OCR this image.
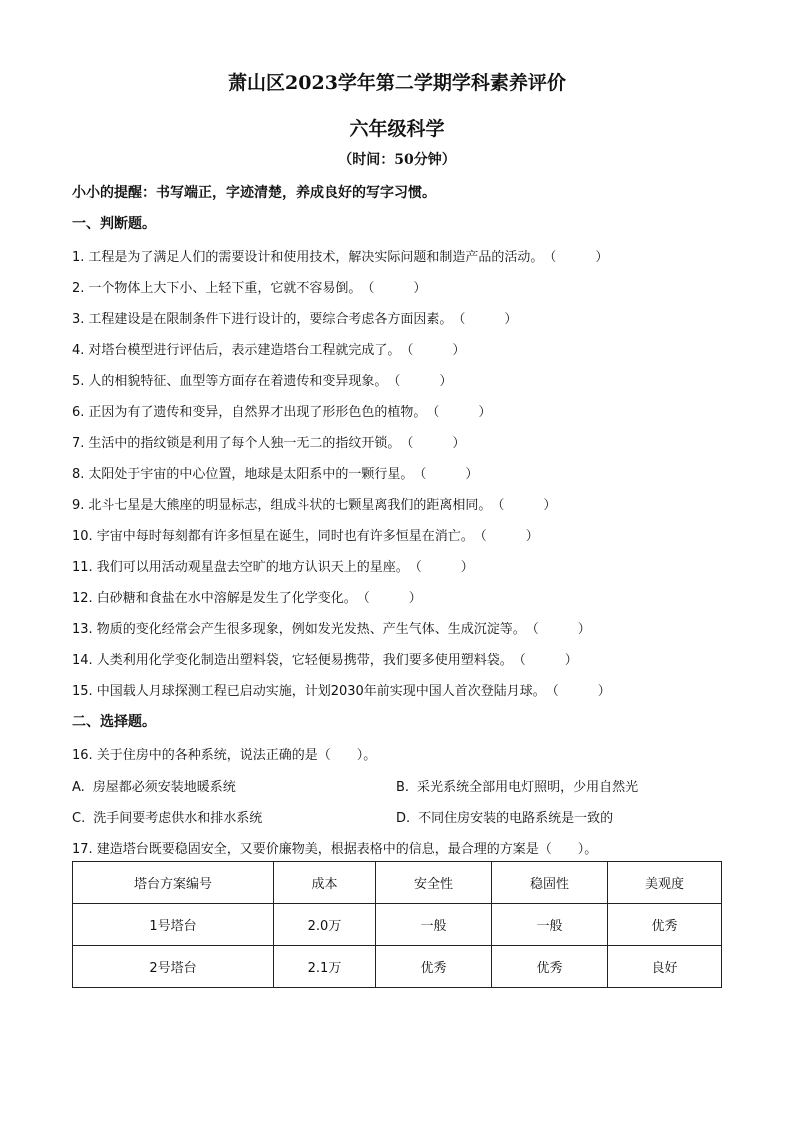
萧山区2023学年第二学期学科素养评价
六年级科学
（时间：50分钟）
小小的提醒：书写端正，字迹清楚，养成良好的写字习惯。
一、判断题。
1. 工程是为了满足人们的需要设计和使用技术，解决实际问题和制造产品的活动。（　　　）
2. 一个物体上大下小、上轻下重，它就不容易倒。（　　　）
3. 工程建设是在限制条件下进行设计的，要综合考虑各方面因素。（　　　）
4. 对塔台模型进行评估后，表示建造塔台工程就完成了。（　　　）
5. 人的相貌特征、血型等方面存在着遗传和变异现象。（　　　）
6. 正因为有了遗传和变异，自然界才出现了形形色色的植物。（　　　）
7. 生活中的指纹锁是利用了每个人独一无二的指纹开锁。（　　　）
8. 太阳处于宇宙的中心位置，地球是太阳系中的一颗行星。（　　　）
9. 北斗七星是大熊座的明显标志，组成斗状的七颗星离我们的距离相同。（　　　）
10. 宇宙中每时每刻都有许多恒星在诞生，同时也有许多恒星在消亡。（　　　）
11. 我们可以用活动观星盘去空旷的地方认识天上的星座。（　　　）
12. 白砂糖和食盐在水中溶解是发生了化学变化。（　　　）
13. 物质的变化经常会产生很多现象，例如发光发热、产生气体、生成沉淀等。（　　　）
14. 人类利用化学变化制造出塑料袋，它轻便易携带，我们要多使用塑料袋。（　　　）
15. 中国载人月球探测工程已启动实施，计划2030年前实现中国人首次登陆月球。（　　　）
二、选择题。
16. 关于住房中的各种系统，说法正确的是（　　）。
A. 房屋都必须安装地暖系统	B. 采光系统全部用电灯照明，少用自然光
C. 洗手间要考虑供水和排水系统	D. 不同住房安装的电路系统是一致的
17. 建造塔台既要稳固安全，又要价廉物美，根据表格中的信息，最合理的方案是（　　）。
塔台方案编号	成本	安全性	稳固性	美观度
1号塔台	2.0万	一般	一般	优秀
2号塔台	2.1万	优秀	优秀	良好
